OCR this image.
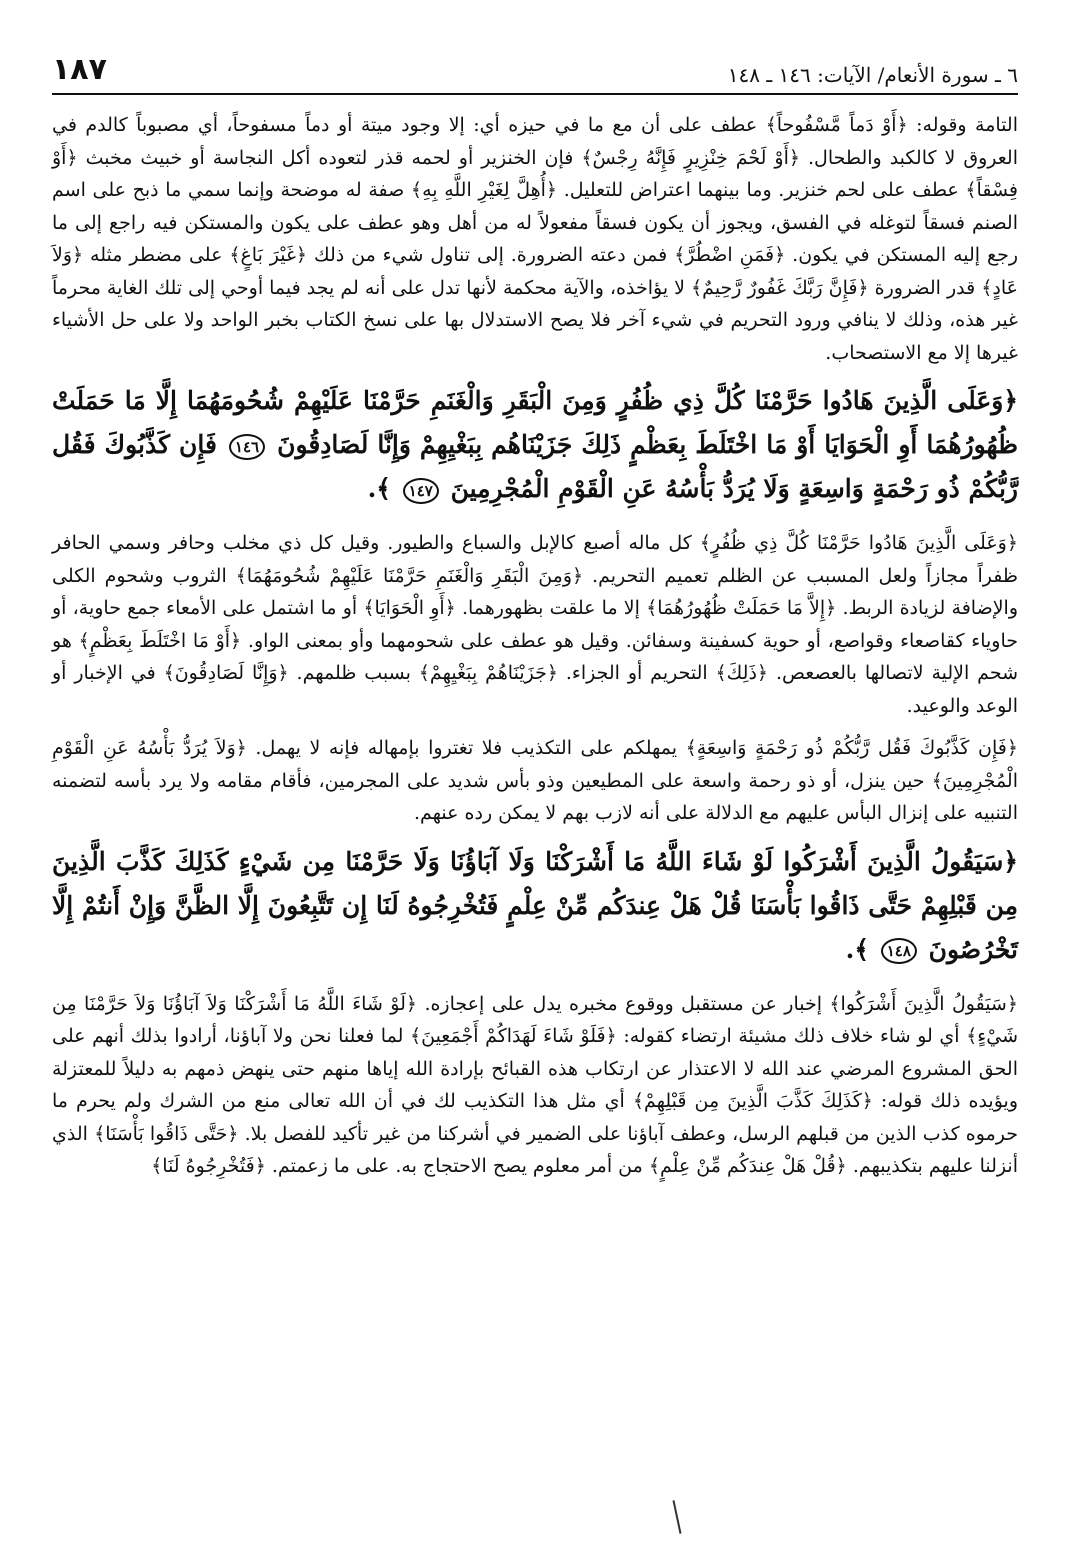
٦ ـ سورة الأنعام/ الآيات: ١٤٦ ـ ١٤٨
١٨٧

التامة وقوله: ﴿أَوْ دَماً مَّسْفُوحاً﴾ عطف على أن مع ما في حيزه أي: إلا وجود ميتة أو دماً مسفوحاً، أي مصبوباً كالدم في العروق لا كالكبد والطحال. ﴿أَوْ لَحْمَ خِنْزِيرٍ فَإِنَّهُ رِجْسٌ﴾ فإن الخنزير أو لحمه قذر لتعوده أكل النجاسة أو خبيث مخبث ﴿أَوْ فِسْقاً﴾ عطف على لحم خنزير. وما بينهما اعتراض للتعليل. ﴿أُهِلَّ لِغَيْرِ اللَّهِ بِهِ﴾ صفة له موضحة وإنما سمي ما ذبح على اسم الصنم فسقاً لتوغله في الفسق، ويجوز أن يكون فسقاً مفعولاً له من أهل وهو عطف على يكون والمستكن فيه راجع إلى ما رجع إليه المستكن في يكون. ﴿فَمَنِ اضْطُرَّ﴾ فمن دعته الضرورة. إلى تناول شيء من ذلك ﴿غَيْرَ بَاغٍ﴾ على مضطر مثله ﴿وَلاَ عَادٍ﴾ قدر الضرورة ﴿فَإِنَّ رَبَّكَ غَفُورٌ رَّحِيمٌ﴾ لا يؤاخذه، والآية محكمة لأنها تدل على أنه لم يجد فيما أوحي إلى تلك الغاية محرماً غير هذه، وذلك لا ينافي ورود التحريم في شيء آخر فلا يصح الاستدلال بها على نسخ الكتاب بخبر الواحد ولا على حل الأشياء غيرها إلا مع الاستصحاب.

﴿وَعَلَى الَّذِينَ هَادُوا حَرَّمْنَا كُلَّ ذِي ظُفُرٍ وَمِنَ الْبَقَرِ وَالْغَنَمِ حَرَّمْنَا عَلَيْهِمْ شُحُومَهُمَا إِلَّا مَا حَمَلَتْ ظُهُورُهُمَا أَوِ الْحَوَايَا أَوْ مَا اخْتَلَطَ بِعَظْمٍ ذَلِكَ جَزَيْنَاهُم بِبَغْيِهِمْ وَإِنَّا لَصَادِقُونَ ١٤٦ فَإِن كَذَّبُوكَ فَقُل رَّبُّكُمْ ذُو رَحْمَةٍ وَاسِعَةٍ وَلَا يُرَدُّ بَأْسُهُ عَنِ الْقَوْمِ الْمُجْرِمِينَ ١٤٧ ﴾.

﴿وَعَلَى الَّذِينَ هَادُوا حَرَّمْنَا كُلَّ ذِي ظُفُرٍ﴾ كل ماله أصبع كالإبل والسباع والطيور. وقيل كل ذي مخلب وحافر وسمي الحافر ظفراً مجازاً ولعل المسبب عن الظلم تعميم التحريم. ﴿وَمِنَ الْبَقَرِ وَالْغَنَمِ حَرَّمْنَا عَلَيْهِمْ شُحُومَهُمَا﴾ الثروب وشحوم الكلى والإضافة لزيادة الربط. ﴿إِلاَّ مَا حَمَلَتْ ظُهُورُهُمَا﴾ إلا ما علقت بظهورهما. ﴿أَوِ الْحَوَايَا﴾ أو ما اشتمل على الأمعاء جمع حاوية، أو حاوياء كقاصعاء وقواصع، أو حوية كسفينة وسفائن. وقيل هو عطف على شحومهما وأو بمعنى الواو. ﴿أَوْ مَا اخْتَلَطَ بِعَظْمٍ﴾ هو شحم الإلية لاتصالها بالعصعص. ﴿ذَلِكَ﴾ التحريم أو الجزاء. ﴿جَزَيْنَاهُمْ بِبَغْيِهِمْ﴾ بسبب ظلمهم. ﴿وَإِنَّا لَصَادِقُونَ﴾ في الإخبار أو الوعد والوعيد.

﴿فَإِن كَذَّبُوكَ فَقُل رَّبُّكُمْ ذُو رَحْمَةٍ وَاسِعَةٍ﴾ يمهلكم على التكذيب فلا تغتروا بإمهاله فإنه لا يهمل. ﴿وَلاَ يُرَدُّ بَأْسُهُ عَنِ الْقَوْمِ الْمُجْرِمِينَ﴾ حين ينزل، أو ذو رحمة واسعة على المطيعين وذو بأس شديد على المجرمين، فأقام مقامه ولا يرد بأسه لتضمنه التنبيه على إنزال البأس عليهم مع الدلالة على أنه لازب بهم لا يمكن رده عنهم.

﴿سَيَقُولُ الَّذِينَ أَشْرَكُوا لَوْ شَاءَ اللَّهُ مَا أَشْرَكْنَا وَلَا آبَاؤُنَا وَلَا حَرَّمْنَا مِن شَيْءٍ كَذَلِكَ كَذَّبَ الَّذِينَ مِن قَبْلِهِمْ حَتَّى ذَاقُوا بَأْسَنَا قُلْ هَلْ عِندَكُم مِّنْ عِلْمٍ فَتُخْرِجُوهُ لَنَا إِن تَتَّبِعُونَ إِلَّا الظَّنَّ وَإِنْ أَنتُمْ إِلَّا تَخْرُصُونَ ١٤٨ ﴾.

﴿سَيَقُولُ الَّذِينَ أَشْرَكُوا﴾ إخبار عن مستقبل ووقوع مخبره يدل على إعجازه. ﴿لَوْ شَاءَ اللَّهُ مَا أَشْرَكْنَا وَلاَ آبَاؤُنَا وَلاَ حَرَّمْنَا مِن شَيْءٍ﴾ أي لو شاء خلاف ذلك مشيئة ارتضاء كقوله: ﴿فَلَوْ شَاءَ لَهَدَاكُمْ أَجْمَعِينَ﴾ لما فعلنا نحن ولا آباؤنا، أرادوا بذلك أنهم على الحق المشروع المرضي عند الله لا الاعتذار عن ارتكاب هذه القبائح بإرادة الله إياها منهم حتى ينهض ذمهم به دليلاً للمعتزلة ويؤيده ذلك قوله: ﴿كَذَلِكَ كَذَّبَ الَّذِينَ مِن قَبْلِهِمْ﴾ أي مثل هذا التكذيب لك في أن الله تعالى منع من الشرك ولم يحرم ما حرموه كذب الذين من قبلهم الرسل، وعطف آباؤنا على الضمير في أشركنا من غير تأكيد للفصل بلا. ﴿حَتَّى ذَاقُوا بَأْسَنَا﴾ الذي أنزلنا عليهم بتكذيبهم. ﴿قُلْ هَلْ عِندَكُم مِّنْ عِلْمٍ﴾ من أمر معلوم يصح الاحتجاج به. على ما زعمتم. ﴿فَتُخْرِجُوهُ لَنَا﴾
